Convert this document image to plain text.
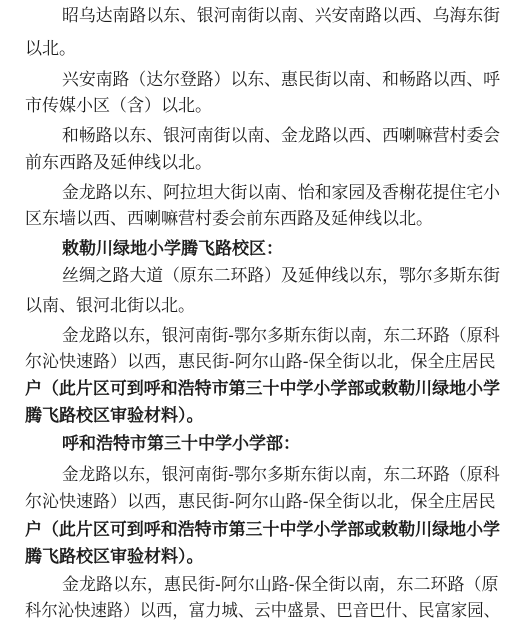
昭乌达南路以东、银河南街以南、兴安南路以西、乌海东街
以北。
兴安南路（达尔登路）以东、惠民街以南、和畅路以西、呼
市传媒小区（含）以北。
和畅路以东、银河南街以南、金龙路以西、西喇嘛营村委会
前东西路及延伸线以北。
金龙路以东、阿拉坦大街以南、怡和家园及香榭花提住宅小
区东墙以西、西喇嘛营村委会前东西路及延伸线以北。
敕勒川绿地小学腾飞路校区：
丝绸之路大道（原东二环路）及延伸线以东，鄂尔多斯东街
以南、银河北街以北。
金龙路以东，银河南街-鄂尔多斯东街以南，东二环路（原科
尔沁快速路）以西，惠民街-阿尔山路-保全街以北，保全庄居民
户（此片区可到呼和浩特市第三十中学小学部或敕勒川绿地小学
腾飞路校区审验材料）。
呼和浩特市第三十中学小学部：
金龙路以东，银河南街-鄂尔多斯东街以南，东二环路（原科
尔沁快速路）以西，惠民街-阿尔山路-保全街以北，保全庄居民
户（此片区可到呼和浩特市第三十中学小学部或敕勒川绿地小学
腾飞路校区审验材料）。
金龙路以东，惠民街-阿尔山路-保全街以南，东二环路（原
科尔沁快速路）以西，富力城、云中盛景、巴音巴什、民富家园、
